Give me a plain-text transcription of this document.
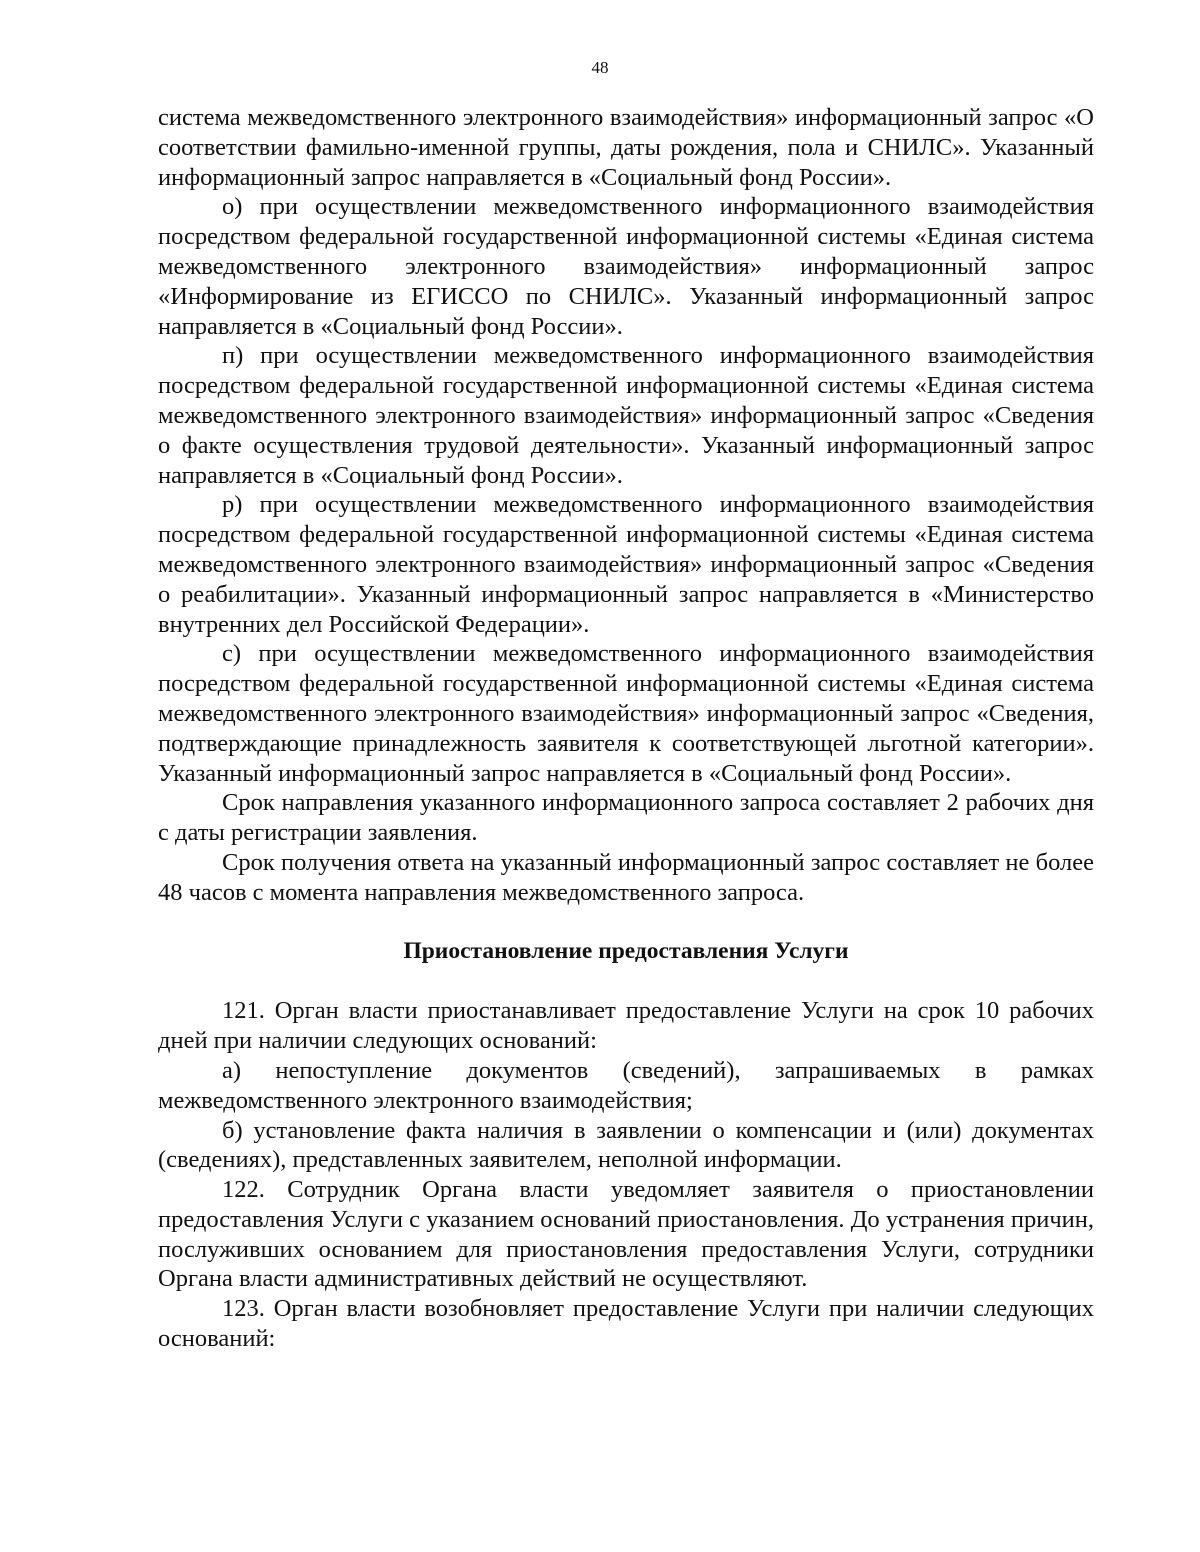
48

система межведомственного электронного взаимодействия» информационный запрос «О соответствии фамильно-именной группы, даты рождения, пола и СНИЛС». Указанный информационный запрос направляется в «Социальный фонд России».

о) при осуществлении межведомственного информационного взаимодействия посредством федеральной государственной информационной системы «Единая система межведомственного электронного взаимодействия» информационный запрос «Информирование из ЕГИССО по СНИЛС». Указанный информационный запрос направляется в «Социальный фонд России».

п) при осуществлении межведомственного информационного взаимодействия посредством федеральной государственной информационной системы «Единая система межведомственного электронного взаимодействия» информационный запрос «Сведения о факте осуществления трудовой деятельности». Указанный информационный запрос направляется в «Социальный фонд России».

р) при осуществлении межведомственного информационного взаимодействия посредством федеральной государственной информационной системы «Единая система межведомственного электронного взаимодействия» информационный запрос «Сведения о реабилитации». Указанный информационный запрос направляется в «Министерство внутренних дел Российской Федерации».

с) при осуществлении межведомственного информационного взаимодействия посредством федеральной государственной информационной системы «Единая система межведомственного электронного взаимодействия» информационный запрос «Сведения, подтверждающие принадлежность заявителя к соответствующей льготной категории». Указанный информационный запрос направляется в «Социальный фонд России».

Срок направления указанного информационного запроса составляет 2 рабочих дня с даты регистрации заявления.

Срок получения ответа на указанный информационный запрос составляет не более 48 часов с момента направления межведомственного запроса.

Приостановление предоставления Услуги

121. Орган власти приостанавливает предоставление Услуги на срок 10 рабочих дней при наличии следующих оснований:

а) непоступление документов (сведений), запрашиваемых в рамках межведомственного электронного взаимодействия;

б) установление факта наличия в заявлении о компенсации и (или) документах (сведениях), представленных заявителем, неполной информации.

122. Сотрудник Органа власти уведомляет заявителя о приостановлении предоставления Услуги с указанием оснований приостановления. До устранения причин, послуживших основанием для приостановления предоставления Услуги, сотрудники Органа власти административных действий не осуществляют.

123. Орган власти возобновляет предоставление Услуги при наличии следующих оснований:
